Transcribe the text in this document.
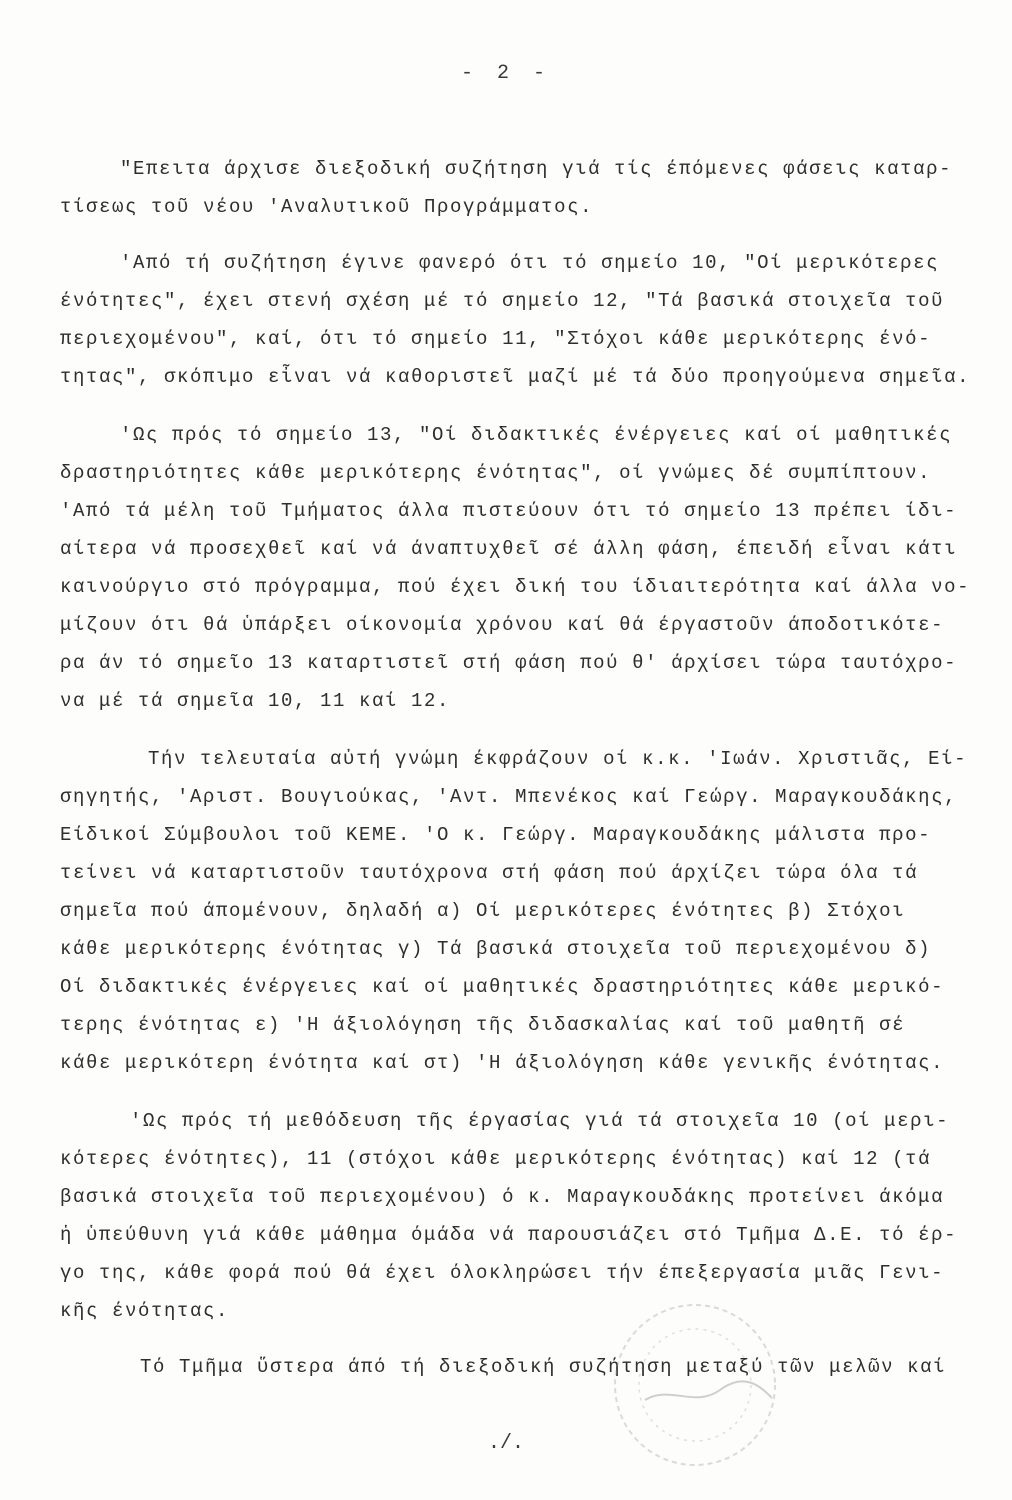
- 2 -
"Επειτα άρχισε διεξοδική συζήτηση γιά τίς έπόμενες φάσεις καταρ-
τίσεως τοῦ νέου 'Αναλυτικοῦ Προγράμματος.
'Από τή συζήτηση έγινε φανερό ότι τό σημείο 10, "Οί μερικότερες
ένότητες", έχει στενή σχέση μέ τό σημείο 12, "Τά βασικά στοιχεῖα τοῦ
περιεχομένου", καί, ότι τό σημείο 11, "Στόχοι κάθε μερικότερης ένό-
τητας", σκόπιμο εἶναι νά καθοριστεῖ μαζί μέ τά δύο προηγούμενα σημεῖα.
'Ως πρός τό σημείο 13, "Οί διδακτικές ένέργειες καί οί μαθητικές
δραστηριότητες κάθε μερικότερης ένότητας", οί γνώμες δέ συμπίπτουν.
'Από τά μέλη τοῦ Τμήματος άλλα πιστεύουν ότι τό σημείο 13 πρέπει ίδι-
αίτερα νά προσεχθεῖ καί νά άναπτυχθεῖ σέ άλλη φάση, έπειδή εἶναι κάτι
καινούργιο στό πρόγραμμα, πού έχει δική του ίδιαιτερότητα καί άλλα νο-
μίζουν ότι θά ὑπάρξει οίκονομία χρόνου καί θά έργαστοῦν άποδοτικότε-
ρα άν τό σημεῖο 13 καταρτιστεῖ στή φάση πού θ' άρχίσει τώρα ταυτόχρο-
να μέ τά σημεῖα 10, 11 καί 12.
Τήν τελευταία αὐτή γνώμη έκφράζουν οί κ.κ. 'Ιωάν. Χριστιᾶς, Εί-
σηγητής, 'Αριστ. Βουγιούκας, 'Αντ. Μπενέκος καί Γεώργ. Μαραγκουδάκης,
Είδικοί Σύμβουλοι τοῦ ΚΕΜΕ. 'Ο κ. Γεώργ. Μαραγκουδάκης μάλιστα προ-
τείνει νά καταρτιστοῦν ταυτόχρονα στή φάση πού άρχίζει τώρα όλα τά
σημεῖα πού άπομένουν, δηλαδή α) Οί μερικότερες ένότητες β) Στόχοι
κάθε μερικότερης ένότητας γ) Τά βασικά στοιχεῖα τοῦ περιεχομένου δ)
Οί διδακτικές ένέργειες καί οί μαθητικές δραστηριότητες κάθε μερικό-
τερης ένότητας ε) 'Η άξιολόγηση τῆς διδασκαλίας καί τοῦ μαθητῆ σέ
κάθε μερικότερη ένότητα καί στ) 'Η άξιολόγηση κάθε γενικῆς ένότητας.
'Ως πρός τή μεθόδευση τῆς έργασίας γιά τά στοιχεῖα 10 (οί μερι-
κότερες ένότητες), 11 (στόχοι κάθε μερικότερης ένότητας) καί 12 (τά
βασικά στοιχεῖα τοῦ περιεχομένου) ό κ. Μαραγκουδάκης προτείνει άκόμα
ἡ ὑπεύθυνη γιά κάθε μάθημα όμάδα νά παρουσιάζει στό Τμῆμα Δ.Ε. τό έρ-
γο της, κάθε φορά πού θά έχει όλοκληρώσει τήν έπεξεργασία μιᾶς Γενι-
κῆς ένότητας.
Τό Τμῆμα ὕστερα άπό τή διεξοδική συζήτηση μεταξύ τῶν μελῶν καί
./.
